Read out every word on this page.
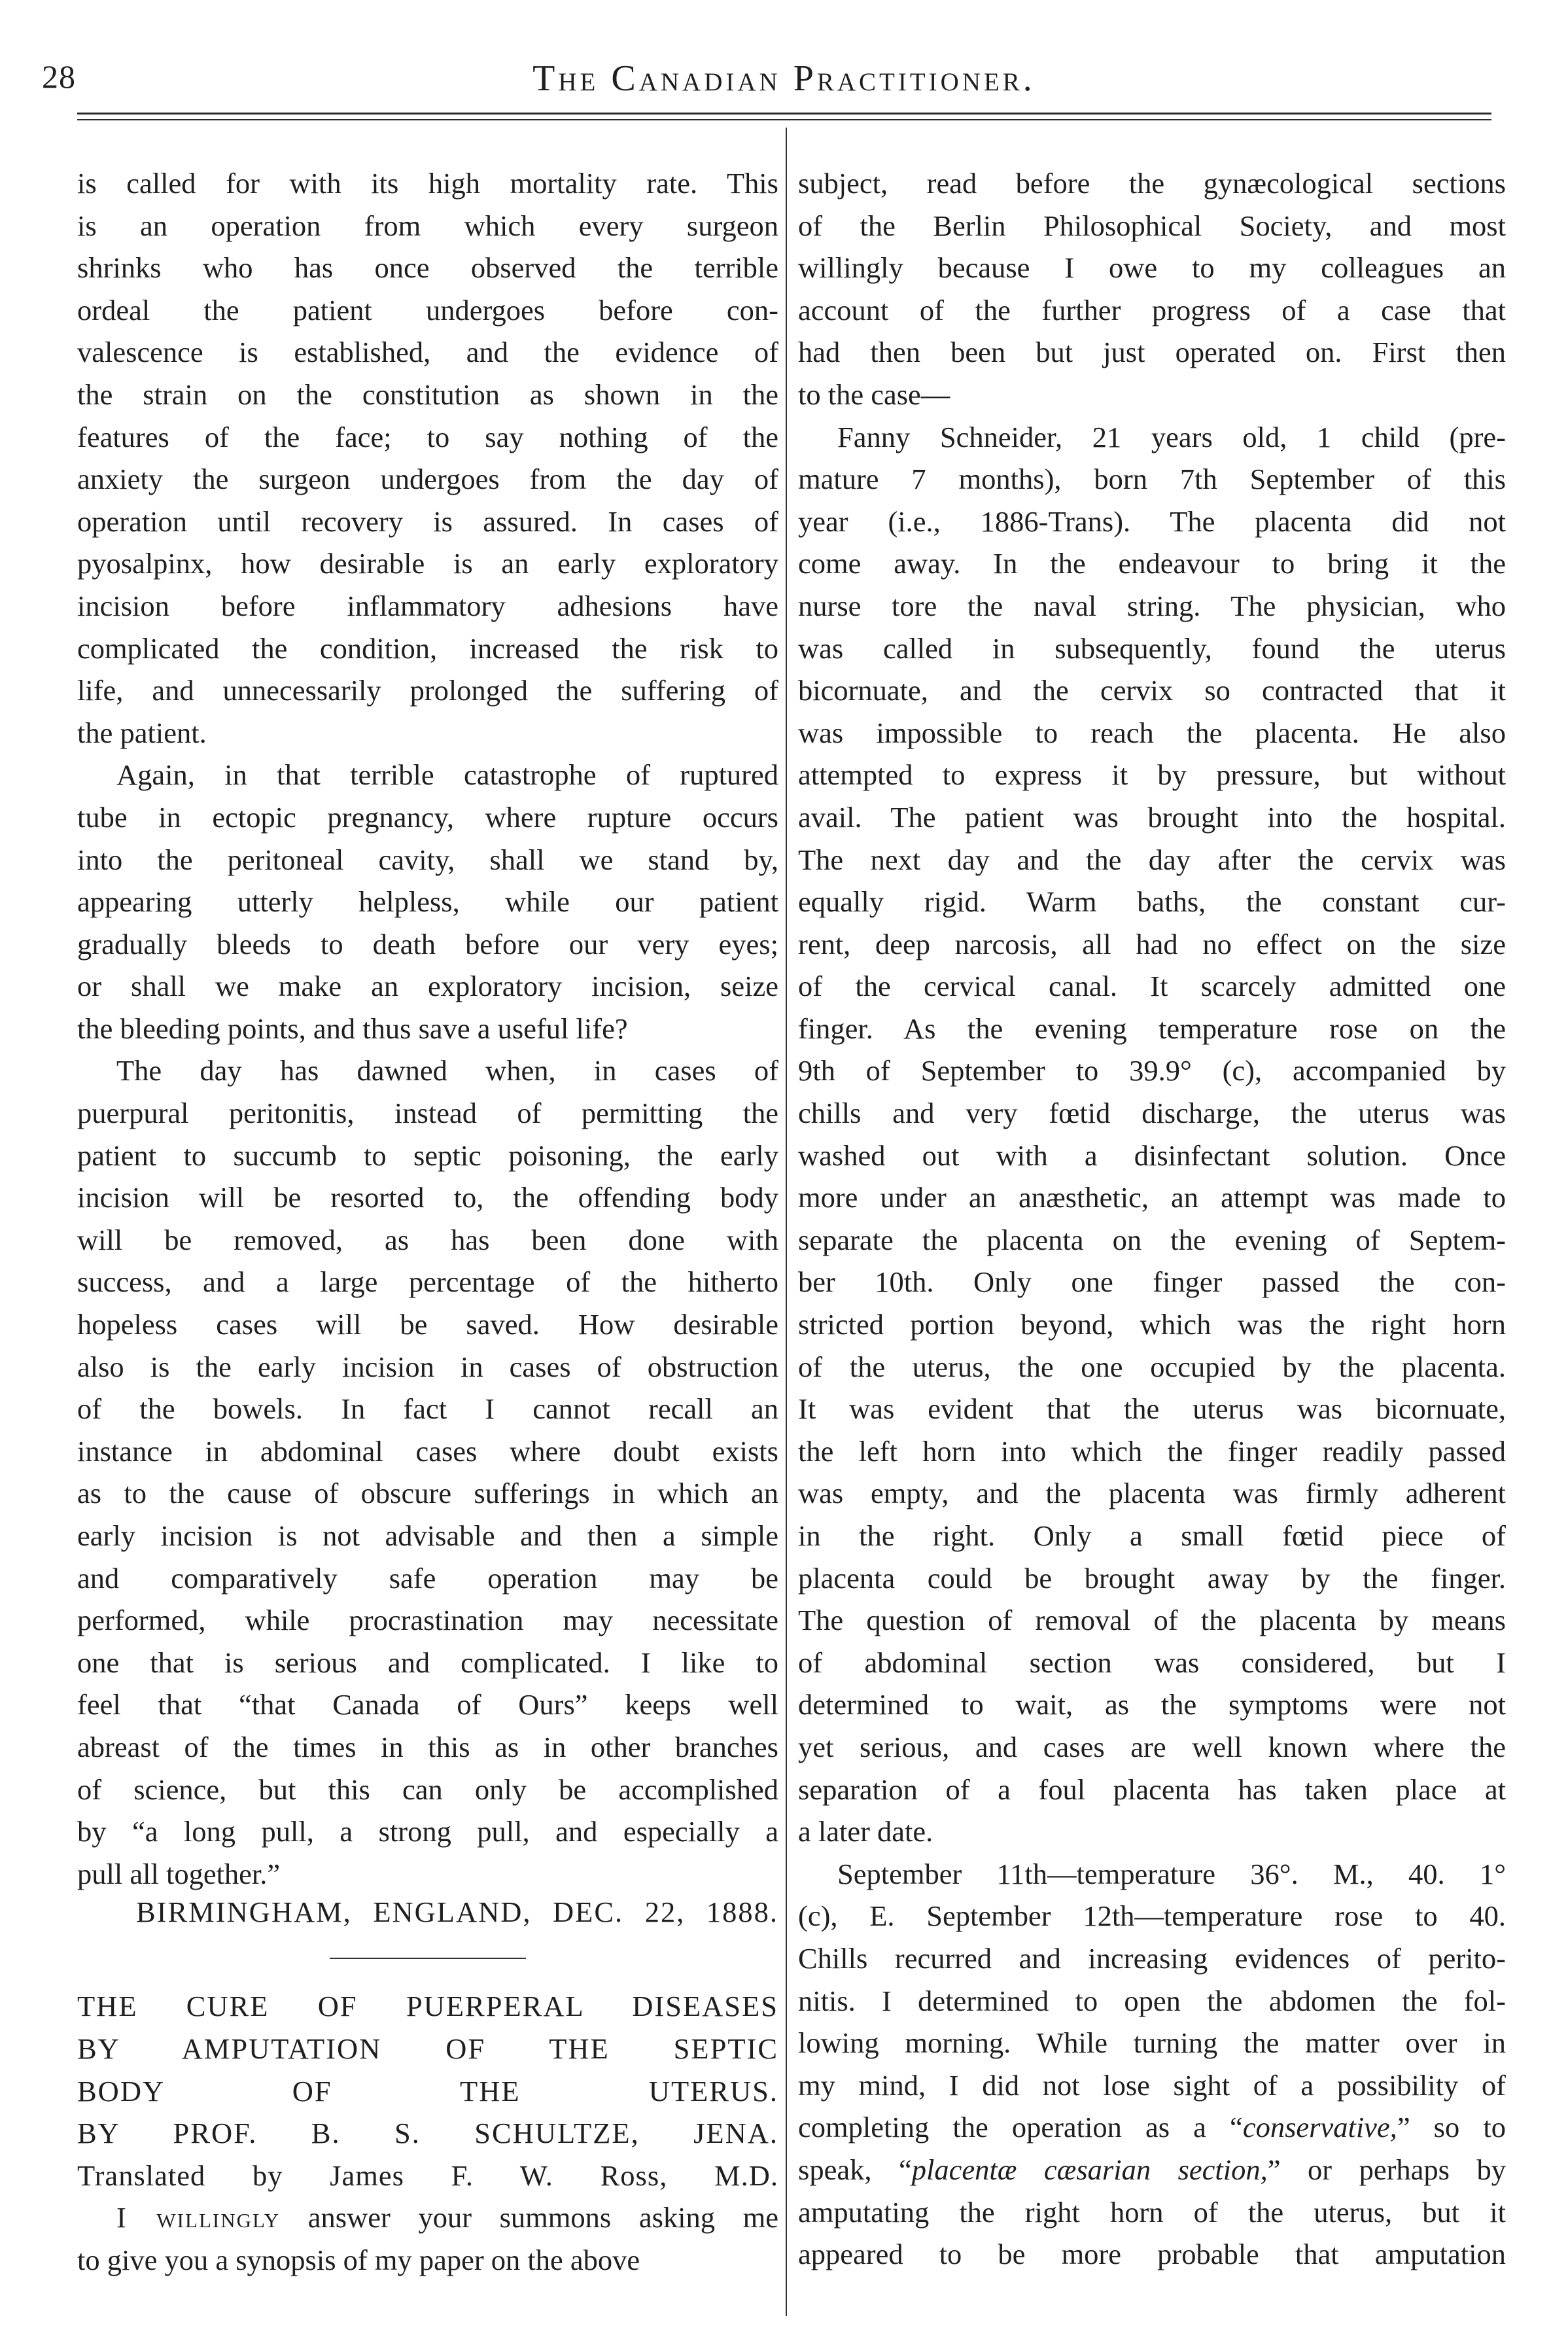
28	The Canadian Practitioner.

is called for with its high mortality rate. This

is an operation from which every surgeon

shrinks who has once observed the terrible

ordeal the patient undergoes before con-

valescence is established, and the evidence of

the strain on the constitution as shown in the

features of the face; to say nothing of the

anxiety the surgeon undergoes from the day of

operation until recovery is assured. In cases of

pyosalpinx, how desirable is an early exploratory

incision before inflammatory adhesions have

complicated the condition, increased the risk to

life, and unnecessarily prolonged the suffering of

the patient.

Again, in that terrible catastrophe of ruptured

tube in ectopic pregnancy, where rupture occurs

into the peritoneal cavity, shall we stand by,

appearing utterly helpless, while our patient

gradually bleeds to death before our very eyes;

or shall we make an exploratory incision, seize

the bleeding points, and thus save a useful life?

The day has dawned when, in cases of

puerpural peritonitis, instead of permitting the

patient to succumb to septic poisoning, the early

incision will be resorted to, the offending body

will be removed, as has been done with

success, and a large percentage of the hitherto

hopeless cases will be saved. How desirable

also is the early incision in cases of obstruction

of the bowels. In fact I cannot recall an

instance in abdominal cases where doubt exists

as to the cause of obscure sufferings in which an

early incision is not advisable and then a simple

and comparatively safe operation may be

performed, while procrastination may necessitate

one that is serious and complicated. I like to

feel that “that Canada of Ours” keeps well

abreast of the times in this as in other branches

of science, but this can only be accomplished

by “a long pull, a strong pull, and especially a

pull all together.”

BIRMINGHAM, ENGLAND, DEC. 22, 1888.

THE CURE OF PUERPERAL DISEASES

BY AMPUTATION OF THE SEPTIC

BODY OF THE UTERUS.

BY PROF. B. S. SCHULTZE, JENA.

Translated by James F. W. Ross, M.D.

I willingly answer your summons asking me

to give you a synopsis of my paper on the above

subject, read before the gynæcological sections

of the Berlin Philosophical Society, and most

willingly because I owe to my colleagues an

account of the further progress of a case that

had then been but just operated on. First then

to the case—

Fanny Schneider, 21 years old, 1 child (pre-

mature 7 months), born 7th September of this

year (i.e., 1886-Trans). The placenta did not

come away. In the endeavour to bring it the

nurse tore the naval string. The physician, who

was called in subsequently, found the uterus

bicornuate, and the cervix so contracted that it

was impossible to reach the placenta. He also

attempted to express it by pressure, but without

avail. The patient was brought into the hospital.

The next day and the day after the cervix was

equally rigid. Warm baths, the constant cur-

rent, deep narcosis, all had no effect on the size

of the cervical canal. It scarcely admitted one

finger. As the evening temperature rose on the

9th of September to 39.9° (c), accompanied by

chills and very fœtid discharge, the uterus was

washed out with a disinfectant solution. Once

more under an anæsthetic, an attempt was made to

separate the placenta on the evening of Septem-

ber 10th. Only one finger passed the con-

stricted portion beyond, which was the right horn

of the uterus, the one occupied by the placenta.

It was evident that the uterus was bicornuate,

the left horn into which the finger readily passed

was empty, and the placenta was firmly adherent

in the right. Only a small fœtid piece of

placenta could be brought away by the finger.

The question of removal of the placenta by means

of abdominal section was considered, but I

determined to wait, as the symptoms were not

yet serious, and cases are well known where the

separation of a foul placenta has taken place at

a later date.

September 11th—temperature 36°. M., 40. 1°

(c), E. September 12th—temperature rose to 40.

Chills recurred and increasing evidences of perito-

nitis. I determined to open the abdomen the fol-

lowing morning. While turning the matter over in

my mind, I did not lose sight of a possibility of

completing the operation as a “conservative,” so to

speak, “placentæ cæsarian section,” or perhaps by

amputating the right horn of the uterus, but it

appeared to be more probable that amputation
